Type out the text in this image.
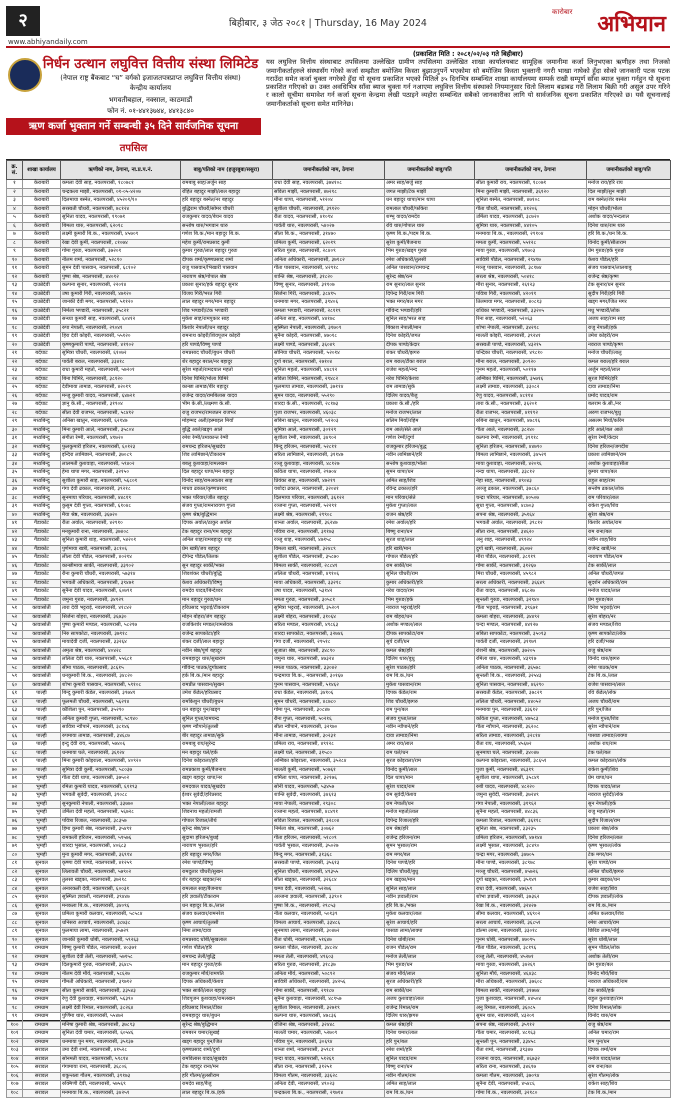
२	बिहीबार, ३ जेठ २०८१ | Thursday, 16 May 2024
कारोबार अभियान
www.abhiyandaily.com
निर्धन उत्थान लघुवित्त वित्तीय संस्था लिमिटेड
(नेपाल राष्ट्र बैंकबाट “घ” वर्गको इजाजतपत्रप्राप्त लघुवित्त वित्तीय संस्था)
केन्द्रीय कार्यालय
भगवतीबहाल, नक्साल, काठमाडौं
फोन नं. ०१-४४१३७४४, ४४१३८४०
ऋण कर्जा भुक्तान गर्ने सम्बन्धी ३५ दिने सार्वजनिक सूचना
तपसिल
(प्रकाशित मिति : २०८१/०२/०३ गते बिहीबार)
यस लघुवित्त वित्तीय संस्थाबाट तपसिलमा उल्लेखित ग्रामीण तपसिलमा उल्लेखित शाखा कार्यालयबाट सामूहिक जमानीमा कर्जा लिनुभएका ऋणीहरु तथा निजको जमानीकर्ताहरुले संस्थासँग गरेको कर्जा सम्झौता बमोजिम किस्ता बुझाउनुपर्ने भएकोमा सो बमोजिम किस्ता भुक्तानी नगरी भाखा नाघेको हुँदा सोको जानकारी पटक पटक गराउँदा समेत कर्जा चुक्ता नगरेको हुँदा यो सूचना प्रकाशित भएको मितिले ३५ दिनभित्र सम्बन्धित शाखा कार्यालयमा सम्पर्क राखी सम्पूर्ण साँवा ब्याज चुक्ता गर्नहुन यो सूचना प्रकाशित गरिएको छ। उक्त अवधिभित्र साँवा ब्याज चुक्ता गर्न नआएमा लघुवित्त वित्तीय संस्थाको नियमानुसार धितो लिलाम बढाबढ गरी लिलाम बिक्री गरी असुल उपर गरिने र कालो सूचीमा समावेश गर्न कर्जा सूचना केन्द्रमा लेखी पठाइने व्यहोरा सम्बन्धित सबैको जानकारीका लागि यो सार्वजनिक सूचना प्रकाशित गरिएको छ। यसै सूचनालाई जमानीकर्ताको सूचना समेत मानिनेछ।
क्र. सं.	शाखा कार्यालय	ऋणीको नाम, ठेगाना, ना.प्र.प.नं.	बाबु/पतिको नाम (हजुरबुबा/ससुरा)	जमानीकर्ताको नाम, ठेगाना	जमानीकर्ताको बाबु/पति	जमानीकर्ताको नाम, ठेगाना	जमानीकर्ताको बाबु/पति
१	केराबारी	कमला देवी साह, नवलपरासी, १८०७८१	रामबाबु साह/अर्जुन साह	राधा देवी साह, नवलपरासी, ३७४१०८	अमर साह/सर्जु साह	सीता कुमारी राय, नवलपरासी, १८०७१	मनोज राय/हरि राय
२	केराबारी	चन्द्रकला माझी, नवलपरासी, ०१-०५-४२०७	रोहित बहादुर माझी/लाल बहादुर	सविता माझी, नवलपरासी, ४७२१८	जगत माझी/टेक माझी	मिना कुमारी माझी, नवलपरासी, ३६१२०	दिल माझी/सुन माझी
३	केराबारी	दिलमाया बस्नेत, नवलपरासी, ४५२०१/१०	हरि बहादुर बस्नेत/नर बहादुर	मीना थापा, नवलपरासी, ५१२०४	धन बहादुर थापा/मान थापा	सुनिता बस्नेत, नवलपरासी, ४७१०८	राम बस्नेत/शेर बस्नेत
४	केराबारी	सरस्वती चौधरी, नवलपरासी, ७८१२४	बुद्धिराम चौधरी/सोमर चौधरी	सुशीला चौधरी, नवलपरासी, ३९१२०	रामलाल चौधरी/फकिरा	गीता चौधरी, नवलपरासी, ४१२०६	मोहन चौधरी/भोला
५	केराबारी	सुनिता यादव, नवलपरासी, १९०७१	राजकुमार यादव/बेचन यादव	रीता यादव, नवलपरासी, ४१०९४	शम्भु यादव/रामदेव	उर्मिला यादव, नवलपरासी, ३८७२०	अशोक यादव/नन्दलाल
६	केराबारी	बिमला थारु, नवलपरासी, ६२०१८	सन्तोष थारु/भगवान थारु	पार्वती थारु, नवलपरासी, ५४०२७	रवि थारु/गोपाल थारु	सुमित्रा थारु, नवलपरासी, ४४१०५	दिनेश थारु/राम थारु
७	केराबारी	लक्ष्मी कुमारी बि.क., नवलपरासी, ४५७०९	गणेश बि.क./मान बहादुर बि.क.	सीता बि.क., नवलपरासी, ३१४७०	कृष्ण बि.क./पदम बि.क.	मनमाया बि.क., नवलपरासी, २९१०४	हरि बि.क./धन बि.क.
८	केराबारी	रेखा देवी कुर्मी, नवलपरासी, ८१०७४	महेश कुर्मी/रामप्रसाद कुर्मी	प्रमिला कुर्मी, नवलपरासी, ६२०१९	सुरेश कुर्मी/बैजनाथ	ममता कुर्मी, नवलपरासी, ५५१२८	विनोद कुर्मी/सीताराम
९	केराबारी	गोमा गुरुङ, नवलपरासी, ३७२०१	कुमार गुरुङ/लाल बहादुर गुरुङ	सरिता गुरुङ, नवलपरासी, २८४०९	भिम गुरुङ/खड्ग गुरुङ	माया गुरुङ, नवलपरासी, ४१७०३	प्रेम गुरुङ/हर्क गुरुङ
१०	केराबारी	नीलम शर्मा, नवलपरासी, ५२८१०	दीपक शर्मा/कृष्णप्रसाद शर्मा	अनिता अधिकारी, नवलपरासी, ३७१८२	रमेश अधिकारी/तुलसी	सावित्री पौडेल, नवलपरासी, २९४१७	केशव पौडेल/हरि
११	केराबारी	सुमन देवी पासवान, नवलपरासी, ६८१०२	राजु पासवान/भिखारी पासवान	गीता पासवान, नवलपरासी, ४२९१८	अनिल पासवान/रामचन्द्र	मञ्जु पासवान, नवलपरासी, ३८१७४	संजय पासवान/लालबाबु
१२	केराबारी	पुष्पा श्रेष्ठ, नवलपरासी, ४४०१२	नारायण श्रेष्ठ/गोपाल श्रेष्ठ	शान्ति श्रेष्ठ, नवलपरासी, ३१८२०	सुरेन्द्र श्रेष्ठ/रत्न	सरला श्रेष्ठ, नवलपरासी, ५०४१८	राजेन्द्र श्रेष्ठ/कृष्ण
१३	दाउन्नेदेवी	कल्पना सुनार, नवलपरासी, २२०१४	प्रकाश सुनार/हर्क बहादुर सुनार	विष्णु सुनार, नवलपरासी, ३११०७	राम सुनार/लाल सुनार	मीरा सुनार, नवलपरासी, २६१२३	टेक सुनार/धन सुनार
१४	दाउन्नेदेवी	उषा कुमारी गिरी, नवलपरासी, ४७१२०	विजय गिरी/भरत गिरी	सिर्जना गिरी, नवलपरासी, ३८४१५	दिपेन्द्र गिरी/राम गिरी	पवित्रा गिरी, नवलपरासी, ४२०११	सुदीप गिरी/हरि गिरी
१५	दाउन्नेदेवी	जानकी देवी मगर, नवलपरासी, ५११२०	लाल बहादुर मगर/मान बहादुर	धनमाया मगर, नवलपरासी, ३९४०६	भक्त मगर/बल मगर	तिलमाया मगर, नवलपरासी, ४०८१३	खड्ग मगर/जित मगर
१६	दाउन्नेदेवी	निर्मला भण्डारी, नवलपरासी, ३५८२१	शिव भण्डारी/टंक भण्डारी	कमला भण्डारी, नवलपरासी, २८११९	गोविन्द भण्डारी/हरि	राधिका भण्डारी, नवलपरासी, ३३२०५	मधु भण्डारी/लोक
१७	दाउन्नेदेवी	सन्ध्या कुमारी साह, नवलपरासी, ६०४१२	मुकेश साह/रामपुकार साह	अनिता साह, नवलपरासी, ४४१७८	सुनिल साह/भरत साह	रिना साह, नवलपरासी, ५२०६३	अजय साह/राम साह
१८	दाउन्नेदेवी	रुपा नेपाली, नवलपरासी, २९०४१	किशोर नेपाली/धन बहादुर	सुस्मिता नेपाली, नवलपरासी, ३१७०९	बिकाश नेपाली/मान	शोभा नेपाली, नवलपरासी, ३४२१८	राजु नेपाली/हर्क
१९	दाउन्नेदेवी	हिरा देवी कोइरी, नवलपरासी, ५५१२०	रामनाथ कोइरी/शिवपूजन कोइरी	सुनैना कोइरी, नवलपरासी, ४७०१८	दिनेश कोइरी/जगत	मालती कोइरी, नवलपरासी, ३९२४१	उमेश कोइरी/राम
२०	दाउन्नेदेवी	कृष्णकुमारी पाण्डे, नवलपरासी, ४११०२	हरि पाण्डे/विष्णु पाण्डे	लक्ष्मी पाण्डे, नवलपरासी, ३६०४९	दीपक पाण्डे/केदार	सरस्वती पाण्डे, नवलपरासी, ४३२१५	नवराज पाण्डे/कृष्ण
२१	बर्दघाट	सुमित्रा चौधरी, नवलपरासी, ६१०७२	रामप्रसाद चौधरी/बुधन चौधरी	सोनिया चौधरी, नवलपरासी, ५२०१४	शंकर चौधरी/झगरु	चन्द्रिका चौधरी, नवलपरासी, ४९८१०	मनोज चौधरी/लालु
२२	बर्दघाट	पार्वती बराल, नवलपरासी, ३३४१८	शेर बहादुर बराल/नर बहादुर	दुर्गा बराल, नवलपरासी, २७१०४	राम बराल/टीका बराल	मीना बराल, नवलपरासी, ३०९२०	कमल बराल/हरि बराल
२३	बर्दघाट	राधा कुमारी महतो, नवलपरासी, ५७२०१	सुरेश महतो/रामदयाल महतो	सुनिता महतो, नवलपरासी, ४४८१२	राजेश महतो/नन्द	पुनम महतो, नवलपरासी, ५०११७	अर्जुन महतो/लाल
२४	बर्दघाट	बिना घिमिरे, नवलपरासी, ३८१२०	दिनेश घिमिरे/भोला घिमिरे	सविता घिमिरे, नवलपरासी, २९४८२	नरेश घिमिरे/केशव	अम्बिका घिमिरे, नवलपरासी, ३५७१६	सुरज घिमिरे/हरि
२५	बर्दघाट	देवीमाया तामाङ, नवलपरासी, ४२०१९	कान्छा तामाङ/बीर बहादुर	फूलमाया तामाङ, नवलपरासी, ३७११४	राम तामाङ/सुके	लक्ष्मी तामाङ, नवलपरासी, ३३०८२	दावा तामाङ/निमा
२६	बर्दघाट	मन्जु कुमारी यादव, नवलपरासी, ६४७२१	राजेन्द्र यादव/रामबिलास यादव	सुमन यादव, नवलपरासी, ५५२९०	दिलिप यादव/बैजु	रेणु यादव, नवलपरासी, ४८११४	प्रमोद यादव/राम
२७	बर्दघाट	ज्ञानु के.सी., नवलपरासी, ३१९०४	भीम के.सी./लक्ष्मण के.सी.	शारदा के.सी., नवलपरासी, २८१७३	प्रकाश के.सी./हरि	तारा के.सी., नवलपरासी, ३६२०१	बलराम के.सी./नर
२८	बर्दघाट	सीता देवी राजभर, नवलपरासी, ५८४१२	राजु राजभर/रामजतन राजभर	पुजा राजभर, नवलपरासी, ४६०३८	मनोज राजभर/लाल	रीता राजभर, नवलपरासी, ४११९२	अरुण राजभर/बुधु
२९	मध्यबिन्दु	अनिसा खातुन, नवलपरासी, ६२१४७	मोहम्मद अली/इस्माइल मियाँ	सबिना खातुन, नवलपरासी, ५१२०३	सलिम मियाँ/रहिम	रुबिना खातुन, नवलपरासी, ४७८१६	असलम मियाँ/करिम
३०	मध्यबिन्दु	मिना कुमारी आले, नवलपरासी, ३५८०४	बुद्धि आले/खड्ग आले	सुमित्रा आले, नवलपरासी, ३०१२९	राम आले/सेते आले	गीता आले, नवलपरासी, ३८२४०	हरि आले/बल आले
३१	मध्यबिन्दु	संगीता रेग्मी, नवलपरासी, ४१७२०	रमेश रेग्मी/उमाकान्त रेग्मी	सुशीला रेग्मी, नवलपरासी, ३४९०२	गणेश रेग्मी/दुर्गा	कल्पना रेग्मी, नवलपरासी, ३९११८	सुरेश रेग्मी/केदार
३२	मध्यबिन्दु	फुलकुमारी हरिजन, नवलपरासी, ६०१२३	रामचन्द्र हरिजन/सुखदेव	बिन्दु हरिजन, नवलपरासी, ५२८११	राजकुमार हरिजन/बुद्ध	सुनिता हरिजन, नवलपरासी, ४४७९०	दिनेश हरिजन/जगदीश
३३	मध्यबिन्दु	इन्दिरा लामिछाने, नवलपरासी, ३७०८९	शिव लामिछाने/टीकाराम	सरिता लामिछाने, नवलपरासी, ३११४७	नवीन लामिछाने/हरि	बिमला लामिछाने, नवलपरासी, ३४५२१	प्रकाश लामिछाने/राम
३४	मध्यबिन्दु	लालमती कुशवाहा, नवलपरासी, ५९४०२	बबलु कुशवाहा/रामलखन	रञ्जु कुशवाहा, नवलपरासी, ४८१२७	सन्तोष कुशवाहा/भोला	माया कुशवाहा, नवलपरासी, ४२०९६	अशोक कुशवाहा/सीता
३५	मध्यबिन्दु	हेमा थापा मगर, नवलपरासी, ३२१५०	दिल बहादुर थापा/मन बहादुर	कविता थापा, नवलपरासी, २९७०४	सुमन थापा/धन	नन्दा थापा, नवलपरासी, ३३८१२	कुमार थापा/बल
३६	मध्यबिन्दु	सुशीला कुमारी साह, नवलपरासी, ५६८०१	विनोद साह/रामअवतार साह	प्रियंका साह, नवलपरासी, ४७२१९	अमित साह/शिव	नेहा साह, नवलपरासी, ४९०४३	राहुल साह/राम
३७	मध्यबिन्दु	गंगा देवी ढकाल, नवलपरासी, ३९२१८	माधव ढकाल/कृष्णप्रसाद	यशोदा ढकाल, नवलपरासी, ३२०४१	रविन्द्र ढकाल/हरि	अञ्जु ढकाल, नवलपरासी, ३७८६०	सन्तोष ढकाल/लोक
३८	मध्यबिन्दु	सुनमाया परियार, नवलपरासी, ४४८१९	भक्त परियार/जीत बहादुर	दिलमाया परियार, नवलपरासी, ३६१२२	मान परियार/सेते	चन्द्रा परियार, नवलपरासी, ४०५०७	राम परियार/लाल
३९	मध्यबिन्दु	कुसुम देवी गुप्ता, नवलपरासी, ६१०४८	संजय गुप्ता/रामनारायण गुप्ता	रञ्जना गुप्ता, नवलपरासी, ५२२९१	मुकेश गुप्ता/लाल	सुधा गुप्ता, नवलपरासी, ४८७०३	राकेश गुप्ता/शिव
४०	मध्यबिन्दु	मैया श्रेष्ठ, नवलपरासी, ३६७२०	कृष्ण श्रेष्ठ/बुद्धिमान	लक्ष्मी श्रेष्ठ, नवलपरासी, २९९०८	राजन श्रेष्ठ/हरि	सपना श्रेष्ठ, नवलपरासी, ३५१६४	सुरेश श्रेष्ठ/राम
४१	गैंडाकोट	रीता अर्याल, नवलपरासी, ४२९१०	दिपक अर्याल/ठाकुर अर्याल	शान्ता अर्याल, नवलपरासी, ३६२४७	रमेश अर्याल/हरि	भगवती अर्याल, नवलपरासी, ३९८१२	किशोर अर्याल/राम
४२	गैंडाकोट	मनकुमारी राना, नवलपरासी, ३७४०८	टेक बहादुर राना/गम बहादुर	पवित्रा राना, नवलपरासी, ३११७३	बिष्णु राना/धन	सीता राना, नवलपरासी, ३४६२०	राम राना/बल
४३	गैंडाकोट	सुनिता कुमारी शाह, नवलपरासी, ५४२०१	अनिल शाह/रामबहादुर शाह	रञ्जु शाह, नवलपरासी, ४७१५८	सुरज शाह/लाल	अनु शाह, नवलपरासी, ४९९२४	नवीन शाह/शिव
४४	गैंडाकोट	पुर्णमाया खत्री, नवलपरासी, ३८१०६	प्रेम खत्री/जय बहादुर	विमला खत्री, नवलपरासी, ३२४८९	हरि खत्री/मान	दुर्गा खत्री, नवलपरासी, ३६०७२	राजेन्द्र खत्री/नर
४५	गैंडाकोट	लीला देवी पौडेल, नवलपरासी, ४०२१४	दीपेन्द्र पौडेल/तिलक	सुशीला पौडेल, नवलपरासी, ३५८७०	गोपाल पौडेल/हरि	मीरा पौडेल, नवलपरासी, ३८११९	नारायण पौडेल/राम
४६	गैंडाकोट	कान्छीमाया सार्की, नवलपरासी, ३३९०२	सुन बहादुर सार्की/भक्त	बिमला सार्की, नवलपरासी, २८८४१	राम सार्की/धन	गोमा सार्की, नवलपरासी, ३१२६७	टेक सार्की/लाल
४७	गैंडाकोट	रीना कुमारी चौधरी, नवलपरासी, ५७३१४	शिवशंकर चौधरी/बुद्धि	ललिता चौधरी, नवलपरासी, ४९१०६	सुनिल चौधरी/राम	मिरा चौधरी, नवलपरासी, ४५९८२	अनिल चौधरी/जगत
४८	गैंडाकोट	भगवती अधिकारी, नवलपरासी, ३९४७१	केशव अधिकारी/विष्णु	माया अधिकारी, नवलपरासी, ३३२१८	कुमार अधिकारी/हरि	सरला अधिकारी, नवलपरासी, ३६६४९	सुदर्शन अधिकारी/राम
४९	गैंडाकोट	सुनैना देवी यादव, नवलपरासी, ६०७९१	रामदेव यादव/बिन्देश्वर	उषा यादव, नवलपरासी, ५३१४२	नरेश यादव/राम	रीता यादव, नवलपरासी, ४६८२७	मनोज यादव/लाल
५०	गैंडाकोट	जमुना गुरुङ, नवलपरासी, ३४१२९	मान बहादुर गुरुङ/धन	ममता गुरुङ, नवलपरासी, ३०५८१	भिम गुरुङ/हर्क	सुन्तली गुरुङ, नवलपरासी, ३२९४०	प्रेम गुरुङ/बल
५१	कावासोती	तारा देवी भट्टराई, नवलपरासी, ४१८४२	हरिप्रसाद भट्टराई/टीकाराम	सुमित्रा भट्टराई, नवलपरासी, ३५२०९	नवराज भट्टराई/हरि	गीता भट्टराई, नवलपरासी, ३९६७१	दिनेश भट्टराई/राम
५२	कावासोती	सिर्जना बोहरा, नवलपरासी, ३६७३०	मोहन बोहरा/जंग बहादुर	लक्ष्मी बोहरा, नवलपरासी, ३१०६४	राम बोहरा/धन	कमला बोहरा, नवलपरासी, ३४४९२	सुरेश बोहरा/नर
५३	कावासोती	पुष्पा कुमारी मण्डल, नवलपरासी, ५८२१७	राजकिशोर मण्डल/रामसेवक	सरिता मण्डल, नवलपरासी, ४९८६३	अशोक मण्डल/लाल	चन्दा मण्डल, नवलपरासी, ४४१२७	संजय मण्डल/शिव
५४	कावासोती	निरु सापकोटा, नवलपरासी, ३७९१८	राजेन्द्र सापकोटा/हरि	शारदा सापकोटा, नवलपरासी, ३२७४६	दीपक सापकोटा/राम	सबिता सापकोटा, नवलपरासी, ३५०१३	कृष्ण सापकोटा/लोक
५५	कावासोती	मायादेवी दर्जी, नवलपरासी, ३३२६४	शंकर दर्जी/लाल बहादुर	गंगा दर्जी, नवलपरासी, २९५१८	सुर्य दर्जी/धन	पार्वती दर्जी, नवलपरासी, ३११७९	हरि दर्जी/भक्त
५६	कावासोती	अमृता श्रेष्ठ, नवलपरासी, ४०४२८	नवीन श्रेष्ठ/पूर्ण बहादुर	सुजाता श्रेष्ठ, नवलपरासी, ३४८९०	कमल श्रेष्ठ/हरि	रोशनी श्रेष्ठ, नवलपरासी, ३७२०५	राजु श्रेष्ठ/राम
५७	कावासोती	ललिता देवी थारु, नवलपरासी, ५५६८१	रामबहादुर थारु/सुखराम	जमुना थारु, नवलपरासी, ४७३२४	दिलिप थारु/बुधु	रमिला थारु, नवलपरासी, ४३९१७	विनोद थारु/झगरु
५८	कावासोती	सीमा पाठक, नवलपरासी, ३८६१५	गोविन्द पाठक/दुर्गाप्रसाद	ममता पाठक, नवलपरासी, ३३०४२	सुरेश पाठक/हरि	अनिता पाठक, नवलपरासी, ३६५७८	रमेश पाठक/राम
५९	कावासोती	धनकुमारी बि.क., नवलपरासी, ३४८२०	हर्क बि.क./मान बहादुर	चन्द्रमाया बि.क., नवलपरासी, ३०१६७	राम बि.क./धन	सुन्तली बि.क., नवलपरासी, ३२५४३	टेक बि.क./लाल
६०	कावासोती	शोभा कुमारी पासवान, नवलपरासी, ५९१०८	रामप्रीत पासवान/सुखन	पुनम पासवान, नवलपरासी, ५१४६२	मुकेश पासवान/राम	सुनिता पासवान, नवलपरासी, ४६२९०	राजेश पासवान/लाल
६१	पाल्ही	बिन्दु कुमारी कँडेल, नवलपरासी, ३९७४१	उमेश कँडेल/हरिप्रसाद	राधा कँडेल, नवलपरासी, ३४१०६	दिपक कँडेल/राम	सरस्वती कँडेल, नवलपरासी, ३७८२९	रवि कँडेल/लोक
६२	पाल्ही	फूलमती चौधरी, नवलपरासी, ५६२१४	रामकिशुन चौधरी/बुधन	सुमन चौधरी, नवलपरासी, ४८७८०	शिव चौधरी/झगरु	ललिता चौधरी, नवलपरासी, ४४०५२	अजय चौधरी/राम
६३	पाल्ही	कौशिला पुन, नवलपरासी, ३५२९०	धन बहादुर पुन/खड्ग	गोमा पुन, नवलपरासी, ३०८४७	राम पुन/बल	मनमाया पुन, नवलपरासी, ३३६१२	हरि पुन/जित
६४	पाल्ही	अनिता कुमारी गुप्ता, नवलपरासी, ५८९४०	सुनिल गुप्ता/रामचन्द्र	रीना गुप्ता, नवलपरासी, ५०२१६	संजय गुप्ता/लाल	कविता गुप्ता, नवलपरासी, ४७५८३	मनोज गुप्ता/शिव
६५	पाल्ही	सावित्रा न्यौपाने, नवलपरासी, ३८१४६	कृष्ण न्यौपाने/तुलसी	सीता न्यौपाने, नवलपरासी, ३२९७०	नवीन न्यौपाने/हरि	गीता न्यौपाने, नवलपरासी, ३६२०८	सुरेश न्यौपाने/राम
६६	पाल्ही	रुपमाया तामाङ, नवलपरासी, ३४६८७	बीर बहादुर तामाङ/सुके	मीना तामाङ, नवलपरासी, ३०२३१	दावा तामाङ/निमा	सरिता तामाङ, नवलपरासी, ३२८१४	पासाङ तामाङ/लाक्पा
६७	पाल्ही	इन्दु देवी राय, नवलपरासी, ५७४०६	रामबाबु राय/सुरेन्द्र	प्रमिला राय, नवलपरासी, ४९१२८	अमर राय/लाल	रीता राय, नवलपरासी, ४५६७२	अशोक राय/राम
६८	पाल्ही	धनमाया घले, नवलपरासी, ३६१२४	मन बहादुर घले/हर्क	लक्ष्मी घले, नवलपरासी, ३१५८०	राम घले/धन	सुनमाया घले, नवलपरासी, ३४०४७	टेक घले/बल
६९	पाल्ही	मिना कुमारी कोइराला, नवलपरासी, ४०९२०	दिनेश कोइराला/हरि	अम्बिका कोइराला, नवलपरासी, ३५२८४	सुरज कोइराला/राम	कल्पना कोइराला, नवलपरासी, ३८६५१	कमल कोइराला/लोक
७०	पाल्ही	सुमित्रा देवी कुर्मी, नवलपरासी, ५८०३७	रामप्रकाश कुर्मी/बैजनाथ	मालती कुर्मी, नवलपरासी, ५०७६१	विनोद कुर्मी/लाल	पुजा कुर्मी, नवलपरासी, ४६३१९	राकेश कुर्मी/शिव
७१	भुमही	गीता देवी थापा, नवलपरासी, ३७५०२	खड्ग बहादुर थापा/नर	शर्मिला थापा, नवलपरासी, ३२१७६	दिल थापा/मान	सुशीला थापा, नवलपरासी, ३५८४१	प्रेम थापा/धन
७२	भुमही	रमिता कुमारी यादव, नवलपरासी, ६११९३	रामदयाल यादव/सुखदेव	सोनी यादव, नवलपरासी, ५३४५७	सुरेश यादव/राम	रुबी यादव, नवलपरासी, ४८२२०	दिपक यादव/लाल
७३	भुमही	भगवती सुवेदी, नवलपरासी, ३९०८८	ईश्वर सुवेदी/हरिप्रसाद	शान्ति सुवेदी, नवलपरासी, ३४६१३	राम सुवेदी/केशव	जमुना सुवेदी, नवलपरासी, ३७२४९	नवराज सुवेदी/लोक
७४	भुमही	सुनकुमारी नेपाली, नवलपरासी, ३३७७०	भक्त नेपाली/लाल बहादुर	माया नेपाली, नवलपरासी, २९३०८	राम नेपाली/धन	गंगा नेपाली, नवलपरासी, ३१९६२	सुन नेपाली/हर्क
७५	भुमही	उर्मिला देवी महतो, नवलपरासी, ५६७२८	शिवनाथ महतो/रामजी	रञ्जना महतो, नवलपरासी, ४८४९१	मनोज महतो/लाल	सुनैना महतो, नवलपरासी, ४४८३६	राजु महतो/राम
७६	भुमही	पवित्रा रिजाल, नवलपरासी, ३८३५७	गोपाल रिजाल/तीर्थ	सविता रिजाल, नवलपरासी, ३२८०४	दिपेन्द्र रिजाल/हरि	कमला रिजाल, नवलपरासी, ३६११८	सुदीप रिजाल/राम
७७	भुमही	हिमा कुमारी श्रेष्ठ, नवलपरासी, ३५४९१	सुरेन्द्र श्रेष्ठ/ज्ञान	निर्मला श्रेष्ठ, नवलपरासी, ३०७६२	राम श्रेष्ठ/हरि	सुनिता श्रेष्ठ, नवलपरासी, ३३२३५	प्रकाश श्रेष्ठ/लोक
७८	भुमही	रामकली हरिजन, नवलपरासी, ५९५७६	सुदामा हरिजन/बुधई	गीता हरिजन, नवलपरासी, ५१८०९	राजेन्द्र हरिजन/राम	प्रमिला हरिजन, नवलपरासी, ४७१४४	दिनेश हरिजन/लाल
७९	भुमही	शारदा भुसाल, नवलपरासी, ४०६८३	नारायण भुसाल/हरि	पार्वती भुसाल, नवलपरासी, ३५०२७	सुमन भुसाल/राम	लक्ष्मी भुसाल, नवलपरासी, ३८४९०	कृष्ण भुसाल/लोक
८०	भुमही	मुना कुमारी मगर, नवलपरासी, ३६९१४	हरि बहादुर मगर/जित	बिन्दु मगर, नवलपरासी, ३१३६८	राम मगर/बल	चन्द्रा मगर, नवलपरासी, ३४७०५	टेक मगर/धन
८१	सुनवल	कृष्णा देवी पाण्डे, नवलपरासी, ४१२५९	रमेश पाण्डे/विष्णु	सरस्वती पाण्डे, नवलपरासी, ३५६१३	दिनेश पाण्डे/हरि	मीना पाण्डे, नवलपरासी, ३८९७८	सुरेश पाण्डे/राम
८२	सुनवल	लिलावती चौधरी, नवलपरासी, ५७९०२	रामदुलार चौधरी/सुखन	सुनिता चौधरी, नवलपरासी, ४९३५५	दिलिप चौधरी/बुधु	मञ्जु चौधरी, नवलपरासी, ४५७२६	अनिल चौधरी/झगरु
८३	सुनवल	तुलसा खड्का, नवलपरासी, ३७२१८	शेर बहादुर खड्का/नर	सीता खड्का, नवलपरासी, ३२६८४	राम खड्का/मान	दुर्गा खड्का, नवलपरासी, ३५१४९	कुमार खड्का/धन
८४	सुनवल	अनारकली देवी, नवलपरासी, ६००३१	रामलाल साह/बैजनाथ	चम्पा देवी, नवलपरासी, ५२२७६	सुनिल साह/लाल	राधा देवी, नवलपरासी, ४७६५९	राजेश साह/शिव
८५	सुनवल	सुस्मिता ज्ञवाली, नवलपरासी, ३९४४७	हरि ज्ञवाली/टीकाराम	अञ्जना ज्ञवाली, नवलपरासी, ३३९०१	नवीन ज्ञवाली/राम	शोभा ज्ञवाली, नवलपरासी, ३७३६२	दीपक ज्ञवाली/लोक
८६	सुनवल	मनकला बि.क., नवलपरासी, ३४०९६	धन बहादुर बि.क./लाल	पुष्पा बि.क., नवलपरासी, २९८५३	हरि बि.क./भक्त	रेखा बि.क., नवलपरासी, ३२४२७	राम बि.क./मान
८७	सुनवल	प्रमिला कुमारी कलवार, नवलपरासी, ५८५८४	संजय कलवार/रामनरेश	नीता कलवार, नवलपरासी, ५०१३९	मुकेश कलवार/लाल	सीमा कलवार, नवलपरासी, ४६९०२	अमित कलवार/शिव
८८	सुनवल	धनिसरा आचार्य, नवलपरासी, ३८७३८	कृष्ण आचार्य/तुलसी	विमला आचार्य, नवलपरासी, ३३४८६	सुरेश आचार्य/हरि	सरला आचार्य, नवलपरासी, ३६८५१	रमेश आचार्य/राम
८९	सुनवल	फुलमाया लामा, नवलपरासी, ३५७२९	निमा लामा/दावा	सुनमाया लामा, नवलपरासी, ३०४७२	पासाङ लामा/लाक्पा	डोल्मा लामा, नवलपरासी, ३३०१८	छिरिङ लामा/नोर्बु
९०	सुनवल	जानकी कुमारी धोबी, नवलपरासी, ५९२६३	रामप्रसाद धोबी/सुखलाल	रीता धोबी, नवलपरासी, ५१६४७	दिनेश धोबी/राम	पुनम धोबी, नवलपरासी, ४७०९५	सुरेश धोबी/लाल
९१	रामग्राम	बिष्णु कुमारी पौडेल, नवलपरासी, ४०३७१	गणेश पौडेल/हरि	कमला पौडेल, नवलपरासी, ३४८२४	राजन पौडेल/राम	गीता पौडेल, नवलपरासी, ३८१९६	सुमन पौडेल/लोक
९२	रामग्राम	सुशीला देवी तेली, नवलपरासी, ५७१५८	रामचन्द्र तेली/बुद्धि	ममता तेली, नवलपरासी, ४९६०३	मनोज तेली/लाल	रञ्जु तेली, नवलपरासी, ४५२७१	अशोक तेली/राम
९३	रामग्राम	दिलकुमारी गुरुङ, नवलपरासी, ३६४८५	मान बहादुर गुरुङ/हर्क	सरिता गुरुङ, नवलपरासी, ३१८३७	भिम गुरुङ/धन	माया गुरुङ, नवलपरासी, ३४२६९	प्रेम गुरुङ/बल
९४	रामग्राम	नीलम देवी मौर्य, नवलपरासी, ५८६२७	राजकुमार मौर्य/रामपति	अनिता मौर्य, नवलपरासी, ५०८९२	संजय मौर्य/लाल	सुनिता मौर्य, नवलपरासी, ४६४३८	विनोद मौर्य/शिव
९५	रामग्राम	गौमती अधिकारी, नवलपरासी, ३९७१२	दिपक अधिकारी/केशव	सावित्री अधिकारी, नवलपरासी, ३४२५६	सुरज अधिकारी/हरि	मीरा अधिकारी, नवलपरासी, ३७६०८	नवराज अधिकारी/राम
९६	रामग्राम	सीता कुमारी सार्की, नवलपरासी, ३३५४३	भक्त सार्की/लाल बहादुर	गोमा सार्की, नवलपरासी, २९१८७	राम सार्की/धन	बिमला सार्की, नवलपरासी, ३१७७४	टेक सार्की/हर्क
९७	रामग्राम	रेणु देवी कुशवाहा, नवलपरासी, ५६३९०	शिवपूजन कुशवाहा/रामलखन	सुनैना कुशवाहा, नवलपरासी, ४८९५७	अजय कुशवाहा/लाल	पुजा कुशवाहा, नवलपरासी, ४४५०४	राहुल कुशवाहा/राम
९८	रामग्राम	लक्ष्मी देवी रिमाल, नवलपरासी, ३८२६४	हरिप्रसाद रिमाल/टीका	सुशीला रिमाल, नवलपरासी, ३२७१९	राजेन्द्र रिमाल/राम	अनु रिमाल, नवलपरासी, ३६०८५	दिनेश रिमाल/लोक
९९	रामग्राम	पुर्णिमा थारु, नवलपरासी, ५५४७२	रामबहादुर थारु/बुधन	कल्पना थारु, नवलपरासी, ४७८३६	दिलिप थारु/झगरु	सुमन थारु, नवलपरासी, ४३२०१	विनोद थारु/राम
१००	रामग्राम	मनिषा कुमारी श्रेष्ठ, नवलपरासी, ३७८९३	सुरेन्द्र श्रेष्ठ/बुद्धिमान	रोजिना श्रेष्ठ, नवलपरासी, ३२४४८	कमल श्रेष्ठ/हरि	सपना श्रेष्ठ, नवलपरासी, ३५९१२	राजु श्रेष्ठ/राम
१०१	रामग्राम	सुनिता देवी चमार, नवलपरासी, ६०५४६	रामबरन चमार/सुखई	मालती चमार, नवलपरासी, ५२७०९	दिनेश चमार/लाल	गीता चमार, नवलपरासी, ४८१६३	अनिल चमार/राम
१०२	रामग्राम	धनमाया पुन मगर, नवलपरासी, ३५१३७	खड्ग बहादुर पुन/जित	पवित्रा पुन, नवलपरासी, ३०६९४	हरि पुन/बल	सुन्तली पुन, नवलपरासी, ३३४५८	राम पुन/धन
१०३	सरावल	उमा देवी शर्मा, नवलपरासी, ४१५२८	कृष्णप्रसाद शर्मा/दुर्गा	शान्ता शर्मा, नवलपरासी, ३५९८१	रमेश शर्मा/हरि	रीता शर्मा, नवलपरासी, ३९३४७	दिपक शर्मा/राम
१०४	सरावल	सोनमती यादव, नवलपरासी, ५९८१४	रामविलास यादव/सुखदेव	चन्दा यादव, नवलपरासी, ५१२६९	सुनिल यादव/राम	रञ्जना यादव, नवलपरासी, ४६७३२	मनोज यादव/लाल
१०५	सरावल	गंगामाया राना, नवलपरासी, ३६८०६	टेक बहादुर राना/मन	सीता राना, नवलपरासी, ३१२५१	बिष्णु राना/धन	सरिता राना, नवलपरासी, ३४६१७	राम राना/बल
१०६	सरावल	शकुन्तला गौतम, नवलपरासी, ३९१७३	हरि गौतम/तुलसीराम	विमला गौतम, नवलपरासी, ३३६२८	नवीन गौतम/राम	कमला गौतम, नवलपरासी, ३७०९४	सुरेश गौतम/लोक
१०७	सरावल	रुक्मिणी देवी, नवलपरासी, ५७५६९	रामदेव साह/बैजु	अनिता देवी, नवलपरासी, ४९०२३	अमित साह/लाल	सुनैना देवी, नवलपरासी, ४५४८६	राकेश साह/शिव
१०८	सरावल	मनमाया बि.क., नवलपरासी, ३४२५९	लाल बहादुर बि.क./हर्क	चन्द्रकला बि.क., नवलपरासी, २९७१४	राम बि.क./धन	गोमा बि.क., नवलपरासी, ३२१८०	टेक बि.क./मान
